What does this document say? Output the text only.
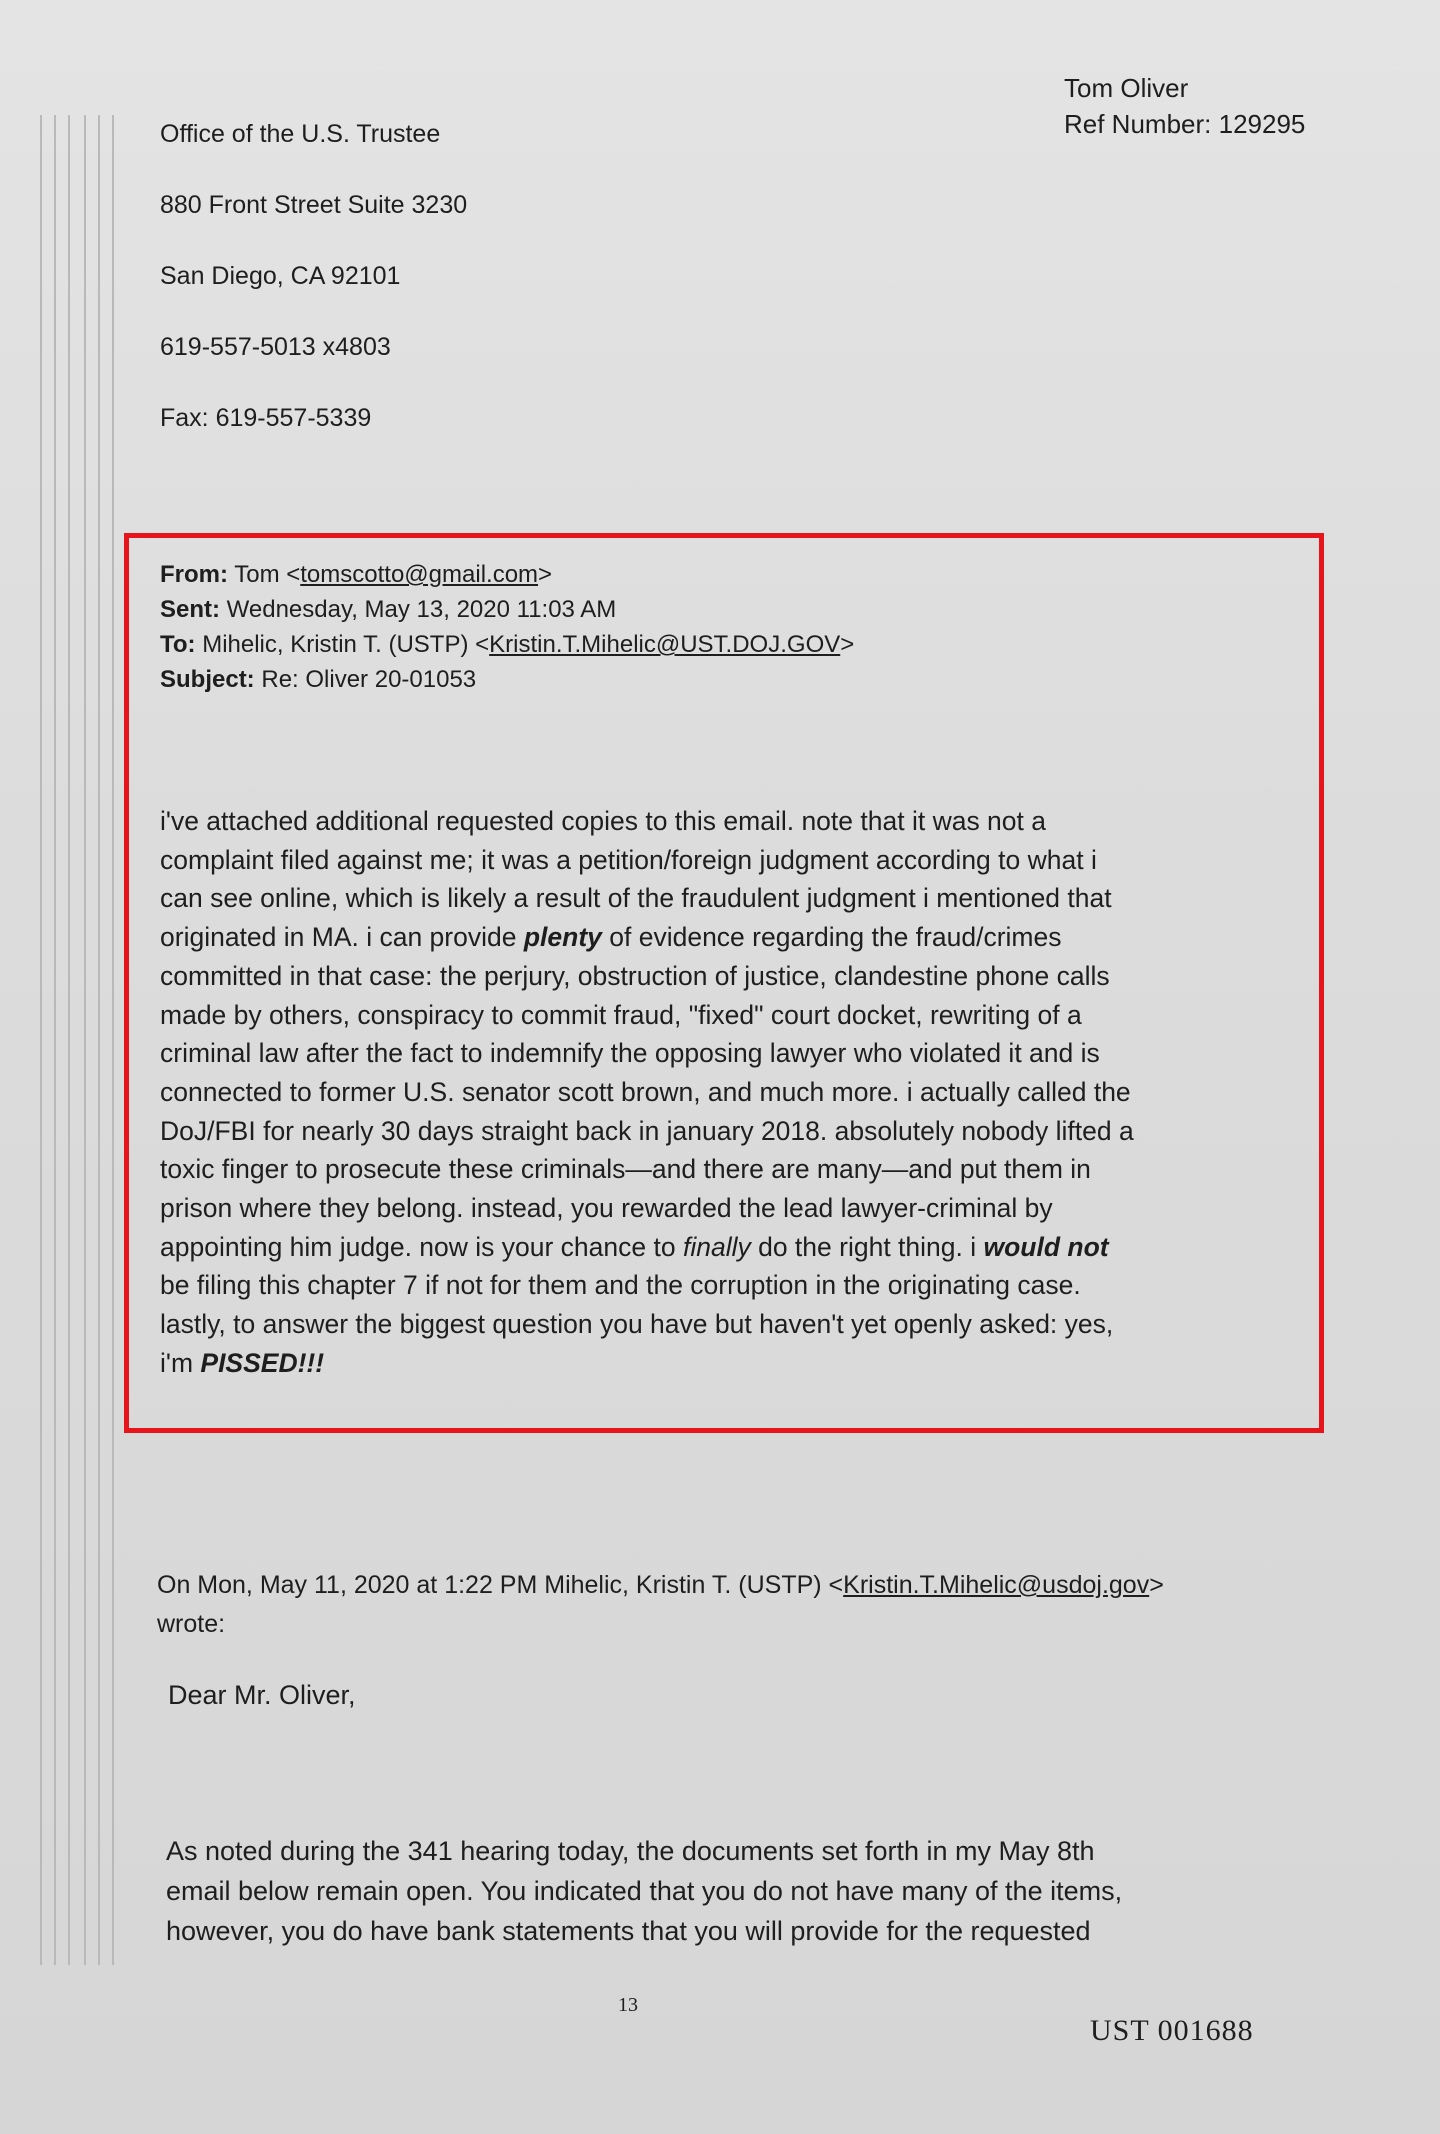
Tom Oliver
Ref Number: 129295
Office of the U.S. Trustee
880 Front Street Suite 3230
San Diego, CA 92101
619-557-5013 x4803
Fax: 619-557-5339
From: Tom <tomscotto@gmail.com>
Sent: Wednesday, May 13, 2020 11:03 AM
To: Mihelic, Kristin T. (USTP) <Kristin.T.Mihelic@UST.DOJ.GOV>
Subject: Re: Oliver 20-01053
i've attached additional requested copies to this email. note that it was not a
complaint filed against me; it was a petition/foreign judgment according to what i
can see online, which is likely a result of the fraudulent judgment i mentioned that
originated in MA. i can provide plenty of evidence regarding the fraud/crimes
committed in that case: the perjury, obstruction of justice, clandestine phone calls
made by others, conspiracy to commit fraud, "fixed" court docket, rewriting of a
criminal law after the fact to indemnify the opposing lawyer who violated it and is
connected to former U.S. senator scott brown, and much more. i actually called the
DoJ/FBI for nearly 30 days straight back in january 2018. absolutely nobody lifted a
toxic finger to prosecute these criminals—and there are many—and put them in
prison where they belong. instead, you rewarded the lead lawyer-criminal by
appointing him judge. now is your chance to finally do the right thing. i would not
be filing this chapter 7 if not for them and the corruption in the originating case.
lastly, to answer the biggest question you have but haven't yet openly asked: yes,
i'm PISSED!!!
On Mon, May 11, 2020 at 1:22 PM Mihelic, Kristin T. (USTP) <Kristin.T.Mihelic@usdoj.gov>
wrote:
Dear Mr. Oliver,
As noted during the 341 hearing today, the documents set forth in my May 8th
email below remain open. You indicated that you do not have many of the items,
however, you do have bank statements that you will provide for the requested
13
UST 001688
